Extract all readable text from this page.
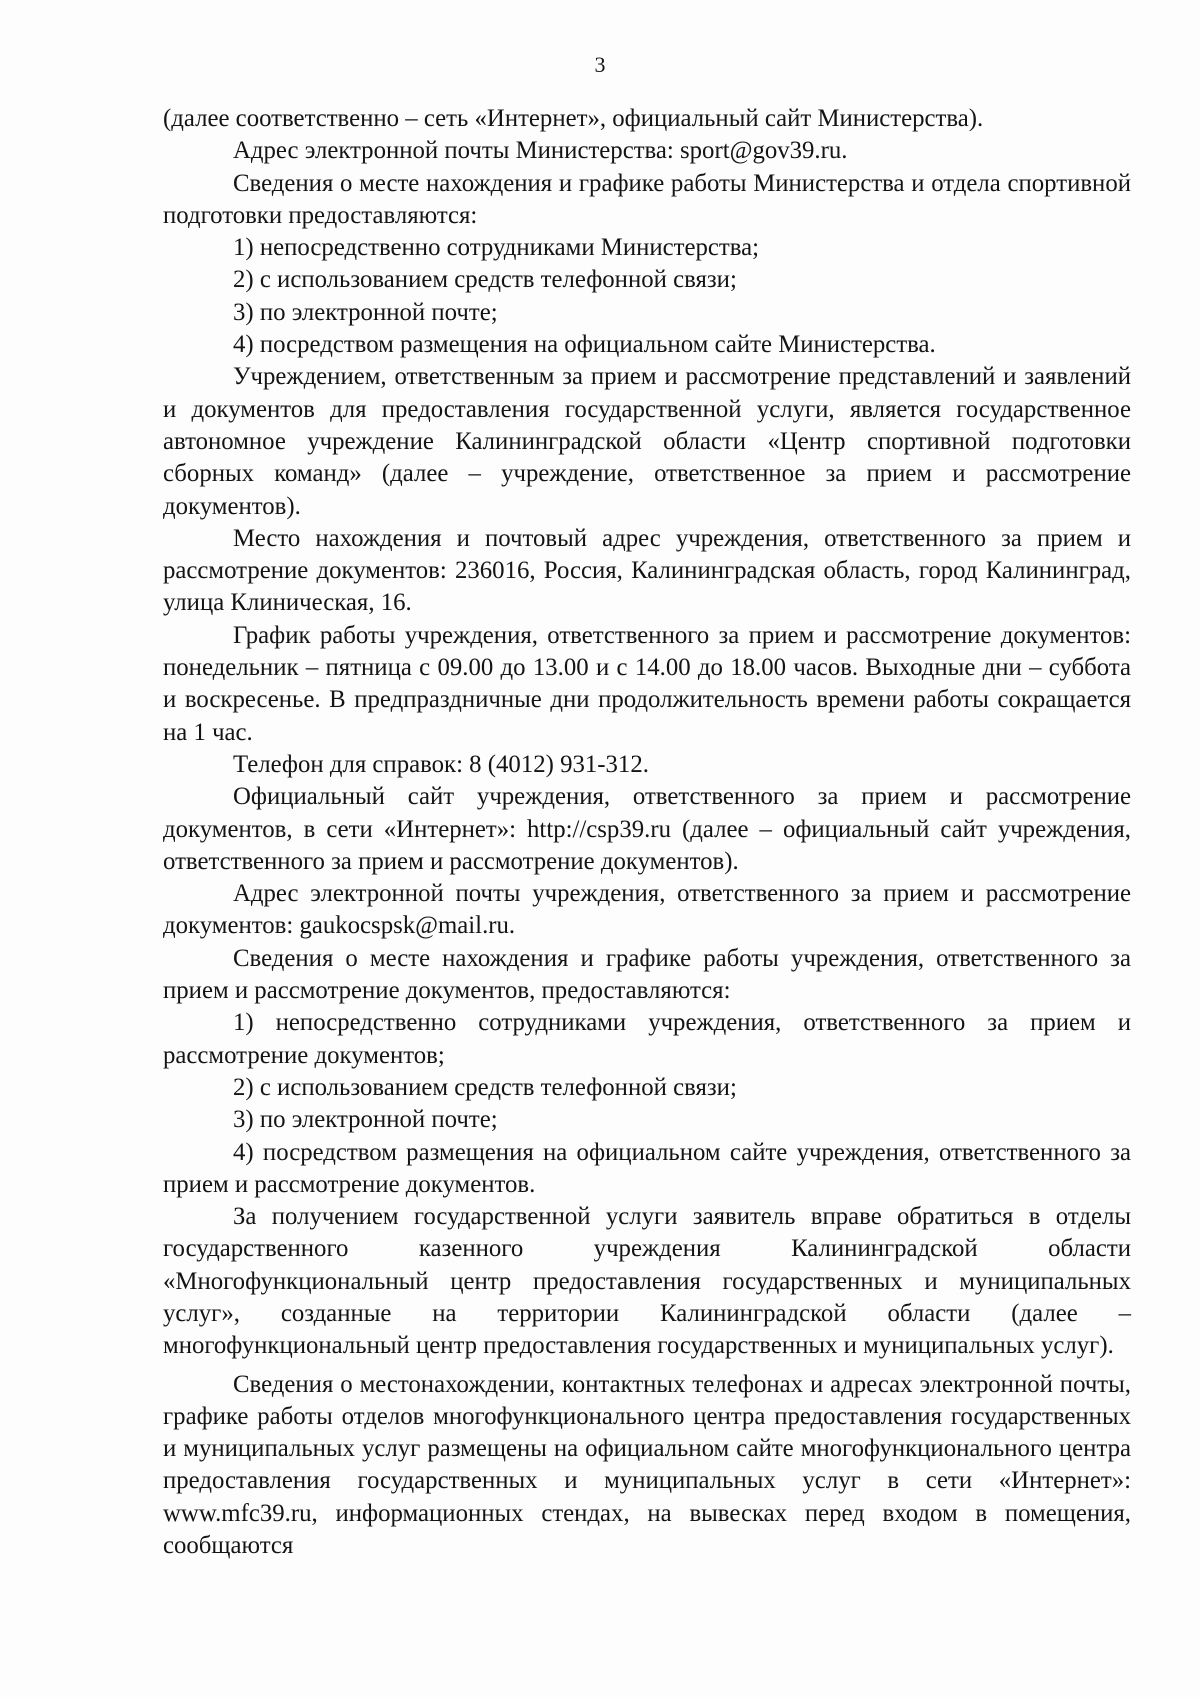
3

(далее соответственно – сеть «Интернет», официальный сайт Министерства).

Адрес электронной почты Министерства: sport@gov39.ru.

Сведения о месте нахождения и графике работы Министерства и отдела спортивной подготовки предоставляются:

1) непосредственно сотрудниками Министерства;

2) с использованием средств телефонной связи;

3) по электронной почте;

4) посредством размещения на официальном сайте Министерства.

Учреждением, ответственным за прием и рассмотрение представлений и заявлений и документов для предоставления государственной услуги, является государственное автономное учреждение Калининградской области «Центр спортивной подготовки сборных команд» (далее – учреждение, ответственное за прием и рассмотрение документов).

Место нахождения и почтовый адрес учреждения, ответственного за прием и рассмотрение документов: 236016, Россия, Калининградская область, город Калининград, улица Клиническая, 16.

График работы учреждения, ответственного за прием и рассмотрение документов: понедельник – пятница с 09.00 до 13.00 и с 14.00 до 18.00 часов. Выходные дни – суббота и воскресенье. В предпраздничные дни продолжительность времени работы сокращается на 1 час.

Телефон для справок: 8 (4012) 931-312.

Официальный сайт учреждения, ответственного за прием и рассмотрение документов, в сети «Интернет»: http://csp39.ru (далее – официальный сайт учреждения, ответственного за прием и рассмотрение документов).

Адрес электронной почты учреждения, ответственного за прием и рассмотрение документов: gaukocspsk@mail.ru.

Сведения о месте нахождения и графике работы учреждения, ответственного за прием и рассмотрение документов, предоставляются:

1) непосредственно сотрудниками учреждения, ответственного за прием и рассмотрение документов;

2) с использованием средств телефонной связи;

3) по электронной почте;

4) посредством размещения на официальном сайте учреждения, ответственного за прием и рассмотрение документов.

За получением государственной услуги заявитель вправе обратиться в отделы государственного казенного учреждения Калининградской области «Многофункциональный центр предоставления государственных и муниципальных услуг», созданные на территории Калининградской области (далее – многофункциональный центр предоставления государственных и муниципальных услуг).

Сведения о местонахождении, контактных телефонах и адресах электронной почты, графике работы отделов многофункционального центра предоставления государственных и муниципальных услуг размещены на официальном сайте многофункционального центра предоставления государственных и муниципальных услуг в сети «Интернет»: www.mfc39.ru, информационных стендах, на вывесках перед входом в помещения, сообщаются
